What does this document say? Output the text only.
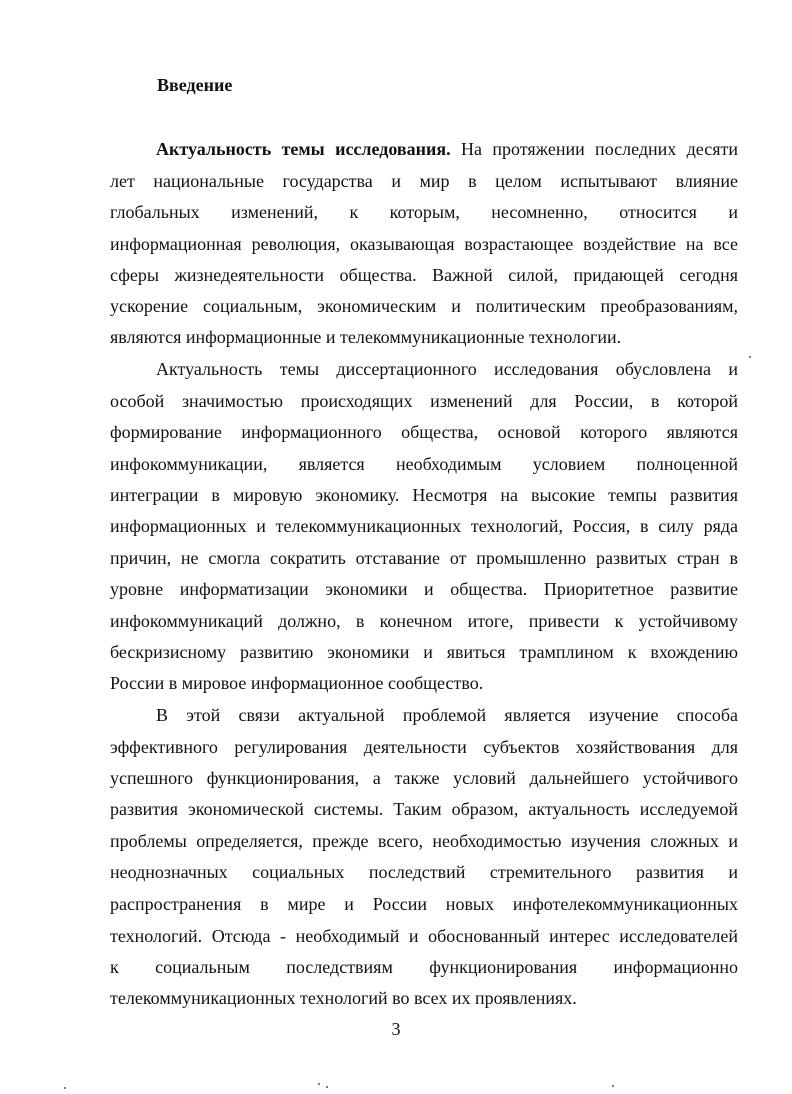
Введение
Актуальность темы исследования. На протяжении последних десяти
лет национальные государства и мир в целом испытывают влияние
глобальных изменений, к которым, несомненно, относится и
информационная революция, оказывающая возрастающее воздействие на все
сферы жизнедеятельности общества. Важной силой, придающей сегодня
ускорение социальным, экономическим и политическим преобразованиям,
являются информационные и телекоммуникационные технологии.
Актуальность темы диссертационного исследования обусловлена и
особой значимостью происходящих изменений для России, в которой
формирование информационного общества, основой которого являются
инфокоммуникации, является необходимым условием полноценной
интеграции в мировую экономику. Несмотря на высокие темпы развития
информационных и телекоммуникационных технологий, Россия, в силу ряда
причин, не смогла сократить отставание от промышленно развитых стран в
уровне информатизации экономики и общества. Приоритетное развитие
инфокоммуникаций должно, в конечном итоге, привести к устойчивому
бескризисному развитию экономики и явиться трамплином к вхождению
России в мировое информационное сообщество.
В этой связи актуальной проблемой является изучение способа
эффективного регулирования деятельности субъектов хозяйствования для
успешного функционирования, а также условий дальнейшего устойчивого
развития экономической системы. Таким образом, актуальность исследуемой
проблемы определяется, прежде всего, необходимостью изучения сложных и
неоднозначных социальных последствий стремительного развития и
распространения в мире и России новых инфотелекоммуникационных
технологий. Отсюда - необходимый и обоснованный интерес исследователей
к социальным последствиям функционирования информационно
телекоммуникационных технологий во всех их проявлениях.
3
